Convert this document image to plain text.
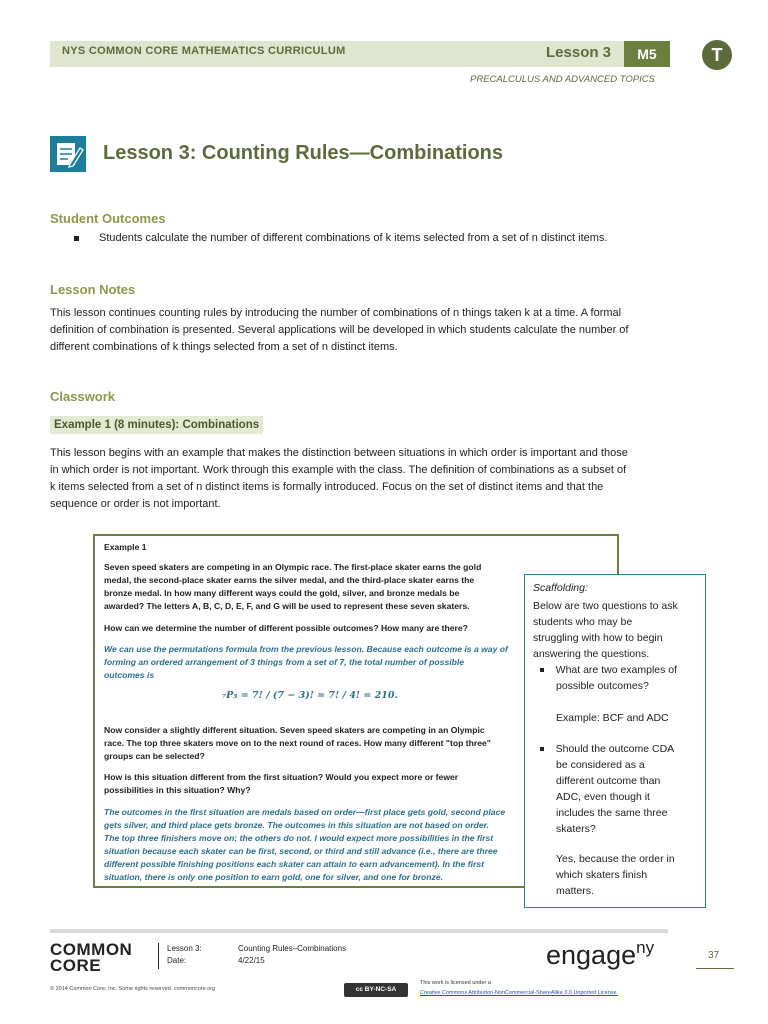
NYS COMMON CORE MATHEMATICS CURRICULUM	Lesson 3	M5	T
PRECALCULUS AND ADVANCED TOPICS
Lesson 3: Counting Rules—Combinations
Student Outcomes
Students calculate the number of different combinations of k items selected from a set of n distinct items.
Lesson Notes
This lesson continues counting rules by introducing the number of combinations of n things taken k at a time. A formal
definition of combination is presented. Several applications will be developed in which students calculate the number of
different combinations of k things selected from a set of n distinct items.
Classwork
Example 1 (8 minutes): Combinations
This lesson begins with an example that makes the distinction between situations in which order is important and those
in which order is not important. Work through this example with the class. The definition of combinations as a subset of
k items selected from a set of n distinct items is formally introduced. Focus on the set of distinct items and that the
sequence or order is not important.
Example 1
Seven speed skaters are competing in an Olympic race. The first-place skater earns the gold
medal, the second-place skater earns the silver medal, and the third-place skater earns the
bronze medal. In how many different ways could the gold, silver, and bronze medals be
awarded? The letters A, B, C, D, E, F, and G will be used to represent these seven skaters.
How can we determine the number of different possible outcomes? How many are there?
We can use the permutations formula from the previous lesson. Because each outcome is a way of
forming an ordered arrangement of 3 things from a set of 7, the total number of possible
outcomes is
₇P₃ = 7! / (7 − 3)! = 7! / 4! = 210.
Now consider a slightly different situation. Seven speed skaters are competing in an Olympic
race. The top three skaters move on to the next round of races. How many different "top three"
groups can be selected?
How is this situation different from the first situation? Would you expect more or fewer
possibilities in this situation? Why?
The outcomes in the first situation are medals based on order—first place gets gold, second place
gets silver, and third place gets bronze. The outcomes in this situation are not based on order.
The top three finishers move on; the others do not. I would expect more possibilities in the first
situation because each skater can be first, second, or third and still advance (i.e., there are three
different possible finishing positions each skater can attain to earn advancement). In the first
situation, there is only one position to earn gold, one for silver, and one for bronze.
Scaffolding:
Below are two questions to ask
students who may be
struggling with how to begin
answering the questions.
What are two examples of
possible outcomes?
Example: BCF and ADC
Should the outcome CDA
be considered as a
different outcome than
ADC, even though it
includes the same three
skaters?
Yes, because the order in
which skaters finish
matters.
COMMON
CORE
Lesson 3:	Counting Rules–Combinations
Date:	4/22/15	engage$^{ny}$	37
© 2014 Common Core, Inc. Some rights reserved. commoncore.org	cc BY-NC-SA
This work is licensed under a
Creative Commons Attribution-NonCommercial-ShareAlike 3.0 Unported License.
